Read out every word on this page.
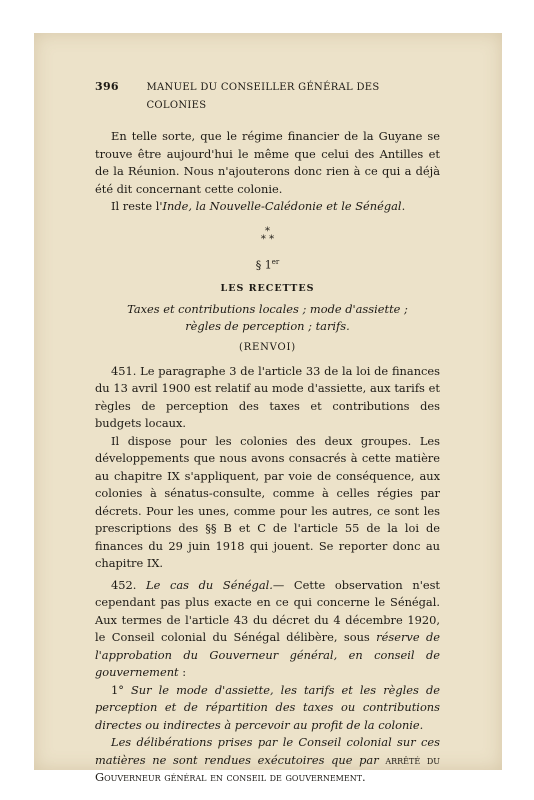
396	MANUEL DU CONSEILLER GÉNÉRAL DES COLONIES

En telle sorte, que le régime financier de la Guyane se trouve être aujourd'hui le même que celui des Antilles et de la Réunion. Nous n'ajouterons donc rien à ce qui a déjà été dit concernant cette colonie.

Il reste l'Inde, la Nouvelle-Calédonie et le Sénégal.

*
* *
§ 1er
LES RECETTES
Taxes et contributions locales ; mode d'assiette ;
règles de perception ; tarifs.
(RENVOI)

451. Le paragraphe 3 de l'article 33 de la loi de finances du 13 avril 1900 est relatif au mode d'assiette, aux tarifs et règles de perception des taxes et contributions des budgets locaux.

Il dispose pour les colonies des deux groupes. Les développements que nous avons consacrés à cette matière au chapitre IX s'appliquent, par voie de conséquence, aux colonies à sénatus-consulte, comme à celles régies par décrets. Pour les unes, comme pour les autres, ce sont les prescriptions des §§ B et C de l'article 55 de la loi de finances du 29 juin 1918 qui jouent. Se reporter donc au chapitre IX.

452. Le cas du Sénégal.— Cette observation n'est cependant pas plus exacte en ce qui concerne le Sénégal. Aux termes de l'article 43 du décret du 4 décembre 1920, le Conseil colonial du Sénégal délibère, sous réserve de l'approbation du Gouverneur général, en conseil de gouvernement :

1° Sur le mode d'assiette, les tarifs et les règles de perception et de répartition des taxes ou contributions directes ou indirectes à percevoir au profit de la colonie.

Les délibérations prises par le Conseil colonial sur ces matières ne sont rendues exécutoires que par arrêté du Gouverneur général en conseil de gouvernement.
